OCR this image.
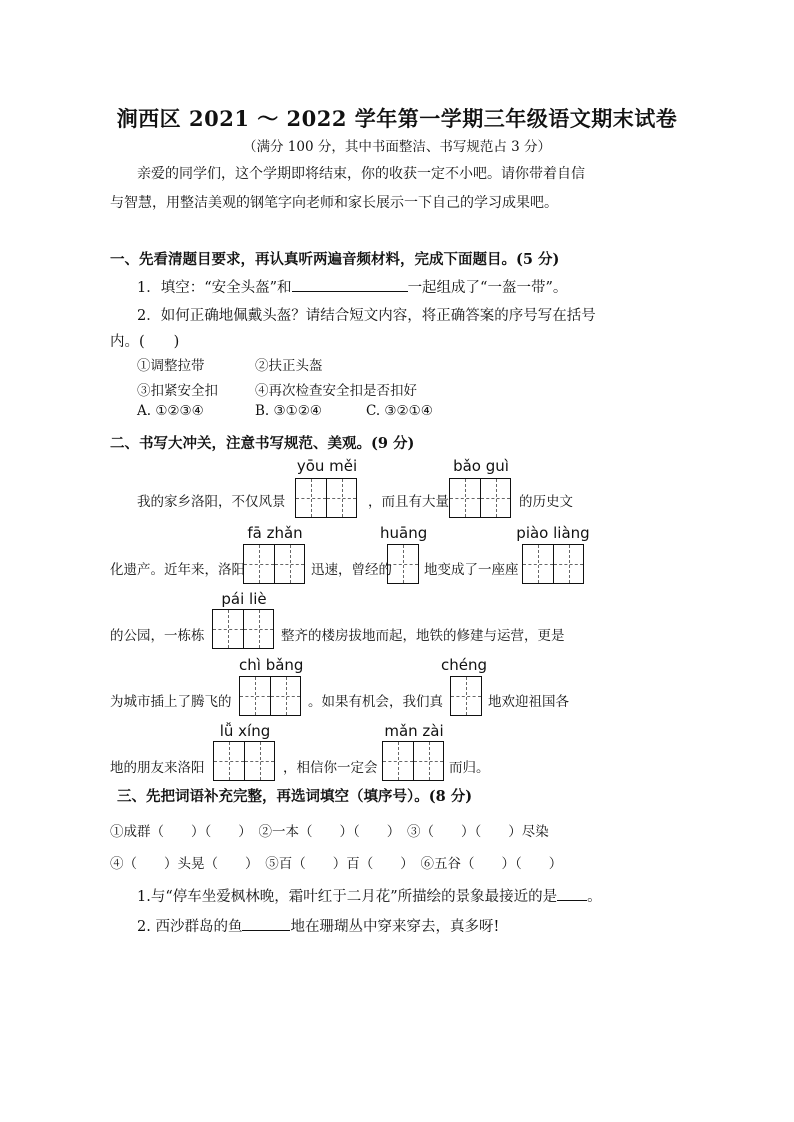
涧西区 2021 ～ 2022 学年第一学期三年级语文期末试卷
（满分 100 分，其中书面整洁、书写规范占 3 分）
亲爱的同学们，这个学期即将结束，你的收获一定不小吧。请你带着自信
与智慧，用整洁美观的钢笔字向老师和家长展示一下自己的学习成果吧。
一、先看清题目要求，再认真听两遍音频材料，完成下面题目。(5 分)
1．填空：“安全头盔”和	一起组成了“一盔一带”。
2．如何正确地佩戴头盔？请结合短文内容，将正确答案的序号写在括号
内。(　　)
①调整拉带	②扶正头盔
③扣紧安全扣	④再次检查安全扣是否扣好
A. ①②③④	B. ③①②④	C. ③②①④
二、书写大冲关，注意书写规范、美观。(9 分)
yōu měi	bǎo guì
我的家乡洛阳，不仅风景	，而且有大量	的历史文
fā zhǎn	huāng	piào liàng
化遗产。近年来，洛阳	迅速，曾经的 地变成了一座座
pái liè
的公园，一栋栋	整齐的楼房拔地而起，地铁的修建与运营，更是
chì bǎng	chéng
为城市插上了腾飞的	。如果有机会，我们真	地欢迎祖国各
lǚ xíng	mǎn zài
地的朋友来洛阳	，相信你一定会	而归。
三、先把词语补充完整，再选词填空（填序号）。(8 分)
①成群（　　）（　　）　②一本（　　）（　　）　③（　　）（　　）尽染
④（　　）头晃（　　）　⑤百（　　）百（　　）　⑥五谷（　　）（　　）
1.与“停车坐爱枫林晚，霜叶红于二月花”所描绘的景象最接近的是 。
2. 西沙群岛的鱼	地在珊瑚丛中穿来穿去，真多呀!
